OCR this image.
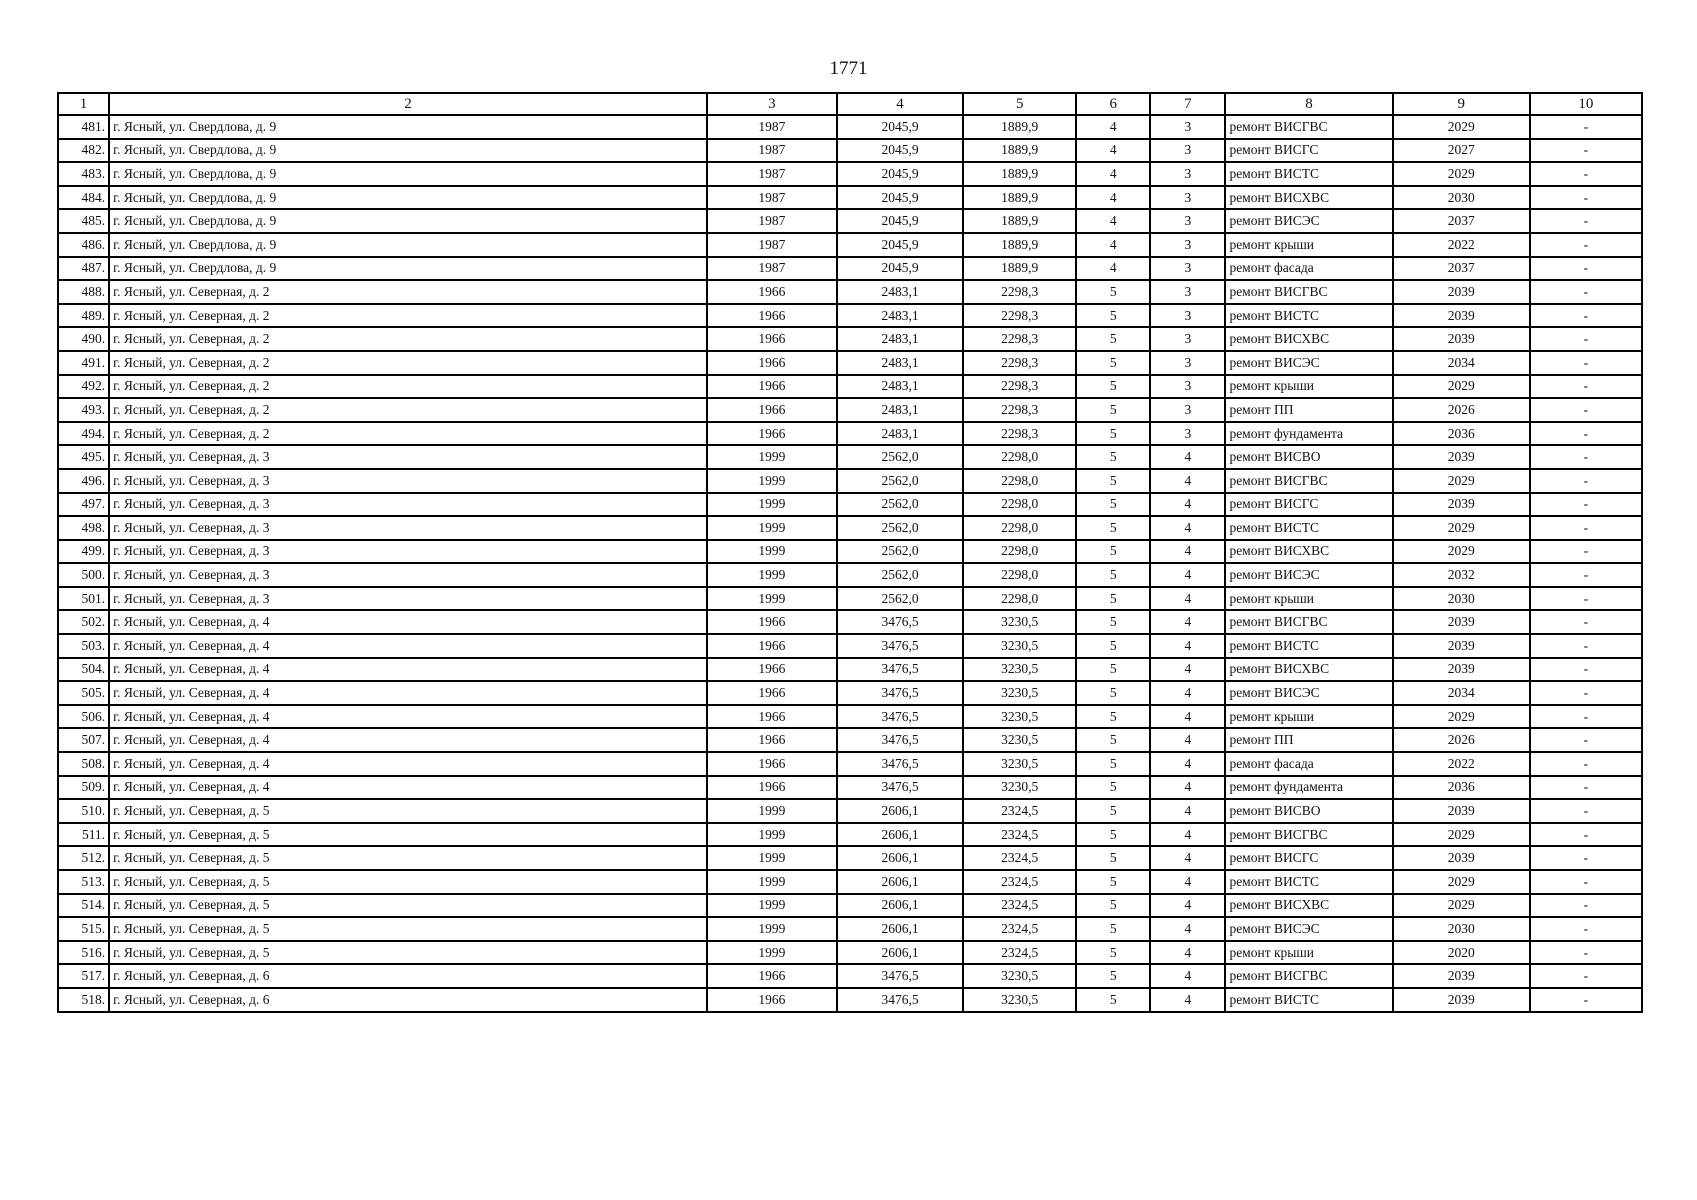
1771
1	2	3	4	5	6	7	8	9	10
481.	г. Ясный, ул. Свердлова, д. 9	1987	2045,9	1889,9	4	3	ремонт ВИСГВС	2029	-
482.	г. Ясный, ул. Свердлова, д. 9	1987	2045,9	1889,9	4	3	ремонт ВИСГС	2027	-
483.	г. Ясный, ул. Свердлова, д. 9	1987	2045,9	1889,9	4	3	ремонт ВИСТС	2029	-
484.	г. Ясный, ул. Свердлова, д. 9	1987	2045,9	1889,9	4	3	ремонт ВИСХВС	2030	-
485.	г. Ясный, ул. Свердлова, д. 9	1987	2045,9	1889,9	4	3	ремонт ВИСЭС	2037	-
486.	г. Ясный, ул. Свердлова, д. 9	1987	2045,9	1889,9	4	3	ремонт крыши	2022	-
487.	г. Ясный, ул. Свердлова, д. 9	1987	2045,9	1889,9	4	3	ремонт фасада	2037	-
488.	г. Ясный, ул. Северная, д. 2	1966	2483,1	2298,3	5	3	ремонт ВИСГВС	2039	-
489.	г. Ясный, ул. Северная, д. 2	1966	2483,1	2298,3	5	3	ремонт ВИСТС	2039	-
490.	г. Ясный, ул. Северная, д. 2	1966	2483,1	2298,3	5	3	ремонт ВИСХВС	2039	-
491.	г. Ясный, ул. Северная, д. 2	1966	2483,1	2298,3	5	3	ремонт ВИСЭС	2034	-
492.	г. Ясный, ул. Северная, д. 2	1966	2483,1	2298,3	5	3	ремонт крыши	2029	-
493.	г. Ясный, ул. Северная, д. 2	1966	2483,1	2298,3	5	3	ремонт ПП	2026	-
494.	г. Ясный, ул. Северная, д. 2	1966	2483,1	2298,3	5	3	ремонт фундамента	2036	-
495.	г. Ясный, ул. Северная, д. 3	1999	2562,0	2298,0	5	4	ремонт ВИСВО	2039	-
496.	г. Ясный, ул. Северная, д. 3	1999	2562,0	2298,0	5	4	ремонт ВИСГВС	2029	-
497.	г. Ясный, ул. Северная, д. 3	1999	2562,0	2298,0	5	4	ремонт ВИСГС	2039	-
498.	г. Ясный, ул. Северная, д. 3	1999	2562,0	2298,0	5	4	ремонт ВИСТС	2029	-
499.	г. Ясный, ул. Северная, д. 3	1999	2562,0	2298,0	5	4	ремонт ВИСХВС	2029	-
500.	г. Ясный, ул. Северная, д. 3	1999	2562,0	2298,0	5	4	ремонт ВИСЭС	2032	-
501.	г. Ясный, ул. Северная, д. 3	1999	2562,0	2298,0	5	4	ремонт крыши	2030	-
502.	г. Ясный, ул. Северная, д. 4	1966	3476,5	3230,5	5	4	ремонт ВИСГВС	2039	-
503.	г. Ясный, ул. Северная, д. 4	1966	3476,5	3230,5	5	4	ремонт ВИСТС	2039	-
504.	г. Ясный, ул. Северная, д. 4	1966	3476,5	3230,5	5	4	ремонт ВИСХВС	2039	-
505.	г. Ясный, ул. Северная, д. 4	1966	3476,5	3230,5	5	4	ремонт ВИСЭС	2034	-
506.	г. Ясный, ул. Северная, д. 4	1966	3476,5	3230,5	5	4	ремонт крыши	2029	-
507.	г. Ясный, ул. Северная, д. 4	1966	3476,5	3230,5	5	4	ремонт ПП	2026	-
508.	г. Ясный, ул. Северная, д. 4	1966	3476,5	3230,5	5	4	ремонт фасада	2022	-
509.	г. Ясный, ул. Северная, д. 4	1966	3476,5	3230,5	5	4	ремонт фундамента	2036	-
510.	г. Ясный, ул. Северная, д. 5	1999	2606,1	2324,5	5	4	ремонт ВИСВО	2039	-
511.	г. Ясный, ул. Северная, д. 5	1999	2606,1	2324,5	5	4	ремонт ВИСГВС	2029	-
512.	г. Ясный, ул. Северная, д. 5	1999	2606,1	2324,5	5	4	ремонт ВИСГС	2039	-
513.	г. Ясный, ул. Северная, д. 5	1999	2606,1	2324,5	5	4	ремонт ВИСТС	2029	-
514.	г. Ясный, ул. Северная, д. 5	1999	2606,1	2324,5	5	4	ремонт ВИСХВС	2029	-
515.	г. Ясный, ул. Северная, д. 5	1999	2606,1	2324,5	5	4	ремонт ВИСЭС	2030	-
516.	г. Ясный, ул. Северная, д. 5	1999	2606,1	2324,5	5	4	ремонт крыши	2020	-
517.	г. Ясный, ул. Северная, д. 6	1966	3476,5	3230,5	5	4	ремонт ВИСГВС	2039	-
518.	г. Ясный, ул. Северная, д. 6	1966	3476,5	3230,5	5	4	ремонт ВИСТС	2039	-
